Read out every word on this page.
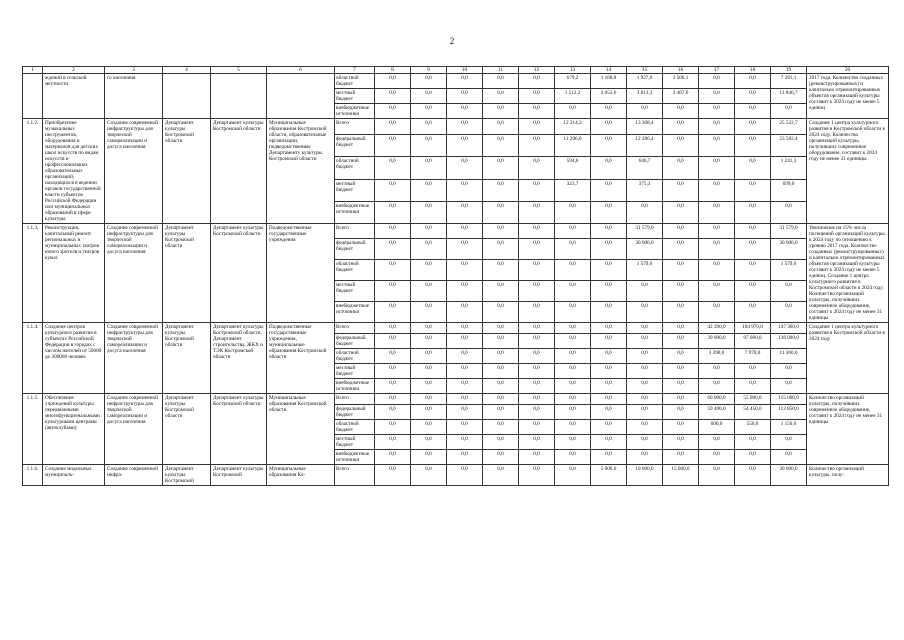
2
1	2	3	4	5	6	7	8	9	10	11	12	13	14	15	16	17	18	19	20
	ждений в сельской местности	го населения				областной бюджет	0,0	0,0	0,0	0,0	0,0	679,2	1 168,8	1 927,0	3 506,1	0,0	0,0	7 281,1	2017 года. Количество созданных (реконструированных) и капитально отремонтированных объектов организаций культуры составит к 2024 году не менее 5 единиц
						местный бюджет	0,0	0,0	0,0	0,0	0,0	1 512,2	3 053,6	3 813,3	3 467,6	0,0	0,0	11 846,7	
						внебюджетные источники	0,0	0,0	0,0	0,0	0,0	0,0	0,0	0,0	0,0	0,0	0,0	0,0	
1.1.2.	Приобретение музыкальных инструментов, оборудования и материалов для детских школ искусств по видам искусств и профессиональных образовательных организаций, находящихся в ведении органов государственной власти субъектов Российской Федерации или муниципальных образований в сфере культуры	Создание современной инфраструктуры для творческой самореализации и досуга населения	Департамент культуры Костромской области	Департамент культуры Костромской области	Муниципальные образования Костромской области, образовательные организации, подведомственные Департаменту культуры Костромской области	Всего	0,0	0,0	0,0	0,0	0,0	12 214,3	0,0	13 308,4	0,0	0,0	0,0	25 522,7	Создание 1 центра культурного развития в Костромской области в 2024 году. Количество организаций культуры, получивших современное оборудование, составит к 2024 году не менее 31 единицы
						федеральный бюджет	0,0	0,0	0,0	0,0	0,0	11 296,0	0,0	12 286,4	0,0	0,0	0,0	23 582,4	
						областной бюджет	0,0	0,0	0,0	0,0	0,0	594,6	0,0	646,7	0,0	0,0	0,0	1 241,3	
						местный бюджет	0,0	0,0	0,0	0,0	0,0	323,7	0,0	375,3	0,0	0,0	0,0	699,0	
						внебюджетные источники	0,0	0,0	0,0	0,0	0,0	0,0	0,0	0,0	0,0	0,0	0,0	0,0	
1.1.3.	Реконструкция, капитальный ремонт региональных и муниципальных театров юного зрителя и театров кукол	Создание современной инфраструктуры для творческой самореализации и досуга населения	Департамент культуры Костромской области	Департамент культуры Костромской области	Подведомственные государственные учреждения	Всего	0,0	0,0	0,0	0,0	0,0	0,0	0,0	31 579,0	0,0	0,0	0,0	31 579,0	Увеличение на 15% числа посещений организаций культуры к 2024 году по отношению к уровню 2017 года. Количество созданных (реконструированных) и капитально отремонтированных объектов организаций культуры составит к 2024 году не менее 5 единиц. Создание 1 центра культурного развития в Костромской области в 2024 году. Количество организаций культуры, получивших современное оборудование, составит к 2024 году не менее 31 единицы
						федеральный бюджет	0,0	0,0	0,0	0,0	0,0	0,0	0,0	30 000,0	0,0	0,0	0,0	30 000,0	
						областной бюджет	0,0	0,0	0,0	0,0	0,0	0,0	0,0	1 579,0	0,0	0,0	0,0	1 579,0	
						местный бюджет	0,0	0,0	0,0	0,0	0,0	0,0	0,0	0,0	0,0	0,0	0,0	0,0	
						внебюджетные источники	0,0	0,0	0,0	0,0	0,0	0,0	0,0	0,0	0,0	0,0	0,0	0,0	
1.1.4.	Создание центров культурного развития в субъектах Российской Федерации в городах с числом жителей от 50000 до 300000 человек	Создание современной инфраструктуры для творческой самореализации и досуга населения	Департамент культуры Костромской области	Департамент культуры Костромской области, Департамент строительства, ЖКХ и ТЭК Костромской области	Подведомственные государственные учреждения, муниципальные образования Костромской области	Всего	0,0	0,0	0,0	0,0	0,0	0,0	0,0	0,0	0,0	42 390,0	104 970,0	147 360,0	Создание 1 центра культурного развития в Костромской области в 2024 году
						федеральный бюджет	0,0	0,0	0,0	0,0	0,0	0,0	0,0	0,0	0,0	39 000,0	97 000,0	136 000,0	
						областной бюджет	0,0	0,0	0,0	0,0	0,0	0,0	0,0	0,0	0,0	3 390,0	7 970,0	11 360,0	
						местный бюджет	0,0	0,0	0,0	0,0	0,0	0,0	0,0	0,0	0,0	0,0	0,0	0,0	
						внебюджетные источники	0,0	0,0	0,0	0,0	0,0	0,0	0,0	0,0	0,0	0,0	0,0	0,0	
1.1.5.	Обеспечение учреждений культуры передвижными многофункциональными культурными центрами (автоклубами)	Создание современной инфраструктуры для творческой самореализации и досуга населения	Департамент культуры Костромской области	Департамент культуры Костромской области	Муниципальные образования Костромской области	Всего	0,0	0,0	0,0	0,0	0,0	0,0	0,0	0,0	0,0	60 000,0	55 000,0	115 000,0	Количество организаций культуры, получивших современное оборудование, составит к 2024 году не менее 31 единицы
						федеральный бюджет	0,0	0,0	0,0	0,0	0,0	0,0	0,0	0,0	0,0	59 400,0	54 450,0	113 850,0	
						областной бюджет	0,0	0,0	0,0	0,0	0,0	0,0	0,0	0,0	0,0	600,0	550,0	1 150,0	
						местный бюджет	0,0	0,0	0,0	0,0	0,0	0,0	0,0	0,0	0,0	0,0	0,0	0,0	
						внебюджетные источники	0,0	0,0	0,0	0,0	0,0	0,0	0,0	0,0	0,0	0,0	0,0	0,0	
1.1.6.	Создание модельных муниципаль-	Создание современной инфра-	Департамент культуры Костромской	Департамент культуры Костромской	Муниципальные образования Ко-	Всего	0,0	0,0	0,0	0,0	0,0	0,0	5 000,0	10 000,0	15 000,0	0,0	0,0	30 000,0	Количество организаций культуры, полу-
